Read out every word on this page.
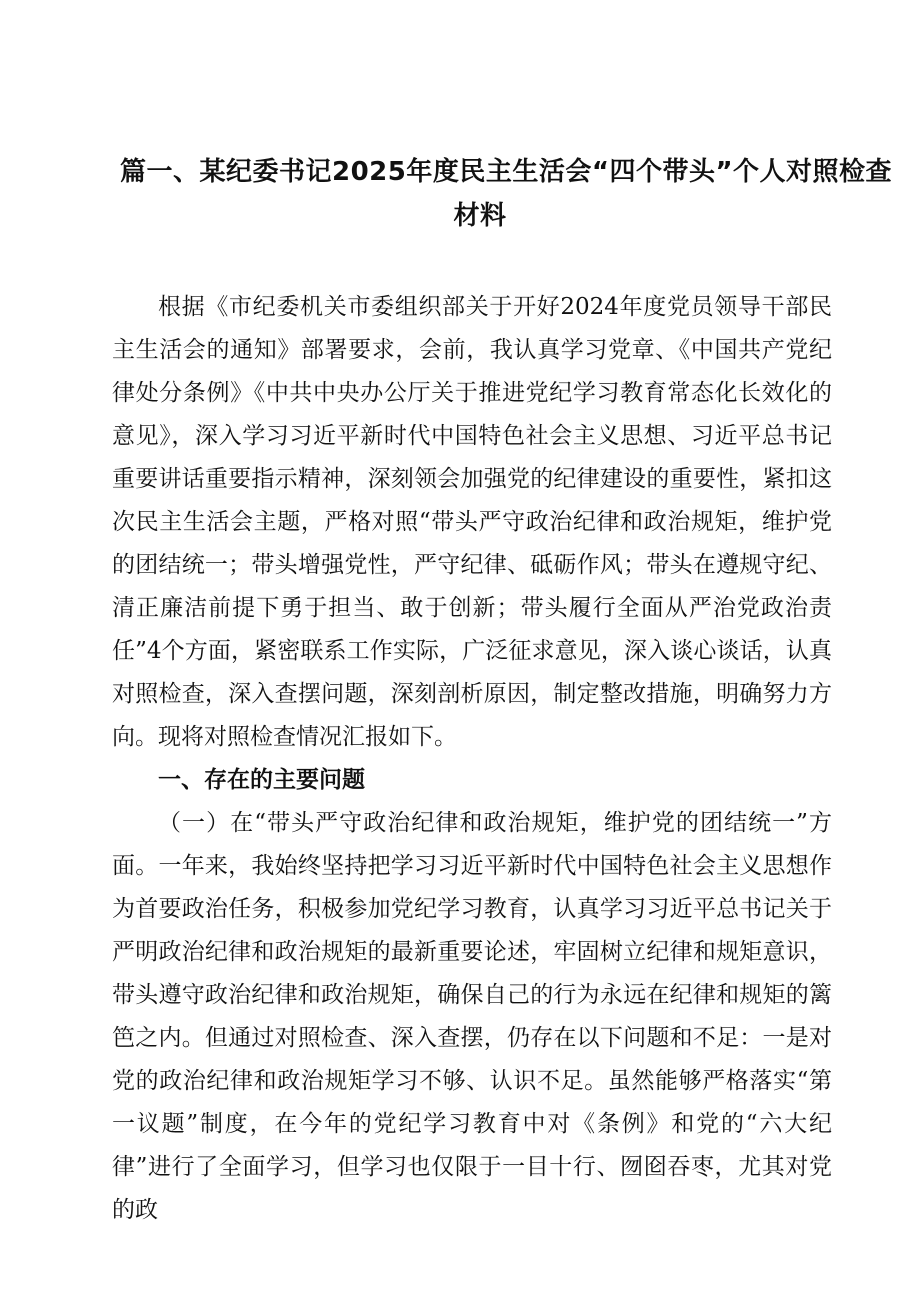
篇一、某纪委书记2025年度民主生活会“四个带头”个人对照检查
材料

根据《市纪委机关市委组织部关于开好2024年度党员领导干部民主生活会的通知》部署要求，会前，我认真学习党章、《中国共产党纪律处分条例》《中共中央办公厅关于推进党纪学习教育常态化长效化的意见》，深入学习习近平新时代中国特色社会主义思想、习近平总书记重要讲话重要指示精神，深刻领会加强党的纪律建设的重要性，紧扣这次民主生活会主题，严格对照“带头严守政治纪律和政治规矩，维护党的团结统一；带头增强党性，严守纪律、砥砺作风；带头在遵规守纪、清正廉洁前提下勇于担当、敢于创新；带头履行全面从严治党政治责任”4个方面，紧密联系工作实际，广泛征求意见，深入谈心谈话，认真对照检查，深入查摆问题，深刻剖析原因，制定整改措施，明确努力方向。现将对照检查情况汇报如下。

一、存在的主要问题

（一）在“带头严守政治纪律和政治规矩，维护党的团结统一”方面。一年来，我始终坚持把学习习近平新时代中国特色社会主义思想作为首要政治任务，积极参加党纪学习教育，认真学习习近平总书记关于严明政治纪律和政治规矩的最新重要论述，牢固树立纪律和规矩意识，带头遵守政治纪律和政治规矩，确保自己的行为永远在纪律和规矩的篱笆之内。但通过对照检查、深入查摆，仍存在以下问题和不足：一是对党的政治纪律和政治规矩学习不够、认识不足。虽然能够严格落实“第一议题”制度，在今年的党纪学习教育中对《条例》和党的“六大纪律”进行了全面学习，但学习也仅限于一目十行、囫囵吞枣，尤其对党的政
